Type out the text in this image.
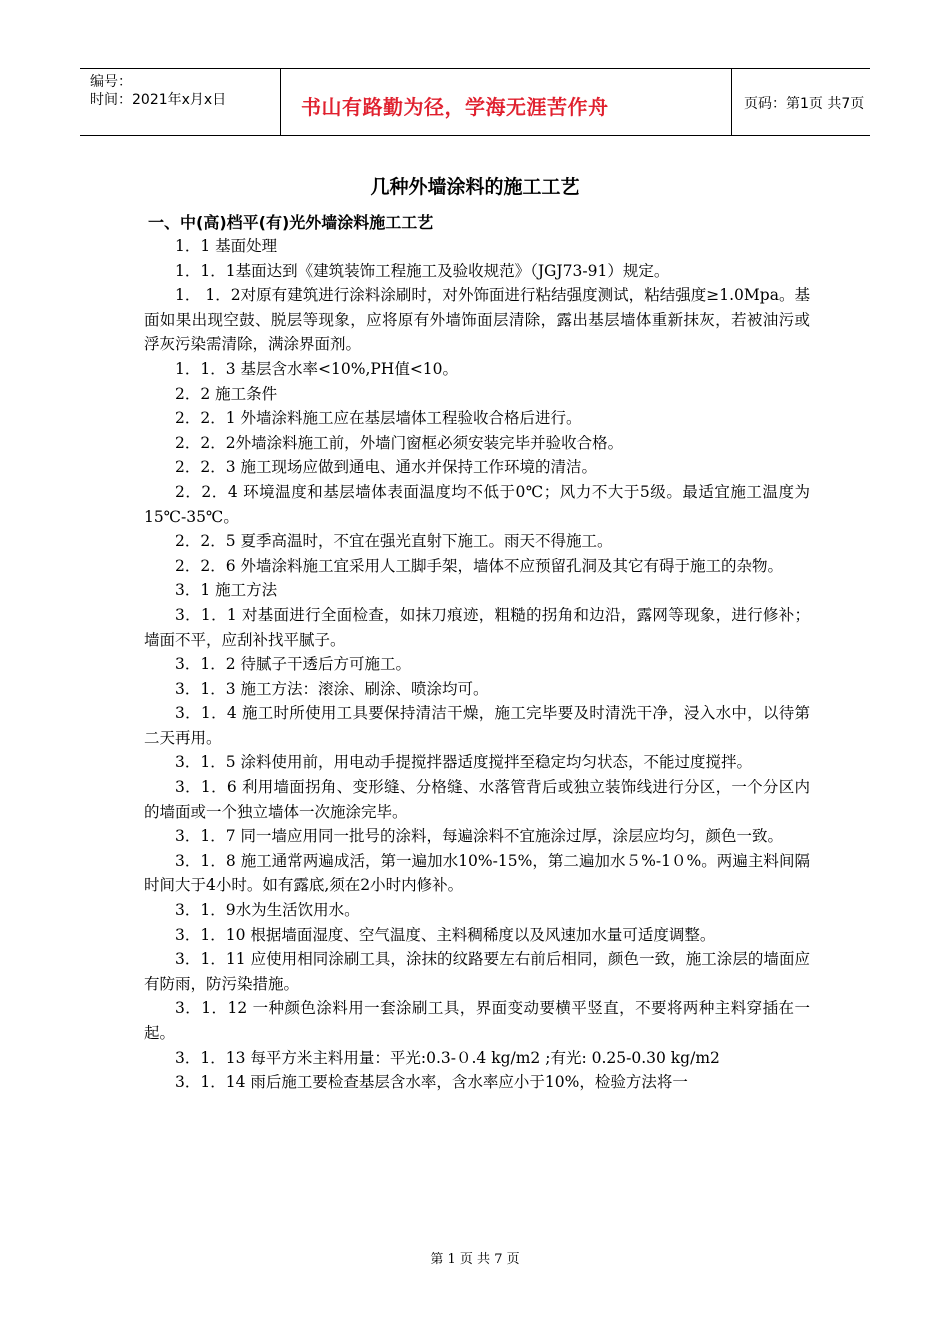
编号：
时间：2021年x月x日	书山有路勤为径，学海无涯苦作舟	页码：第1页 共7页
几种外墙涂料的施工工艺
一、中(高)档平(有)光外墙涂料施工工艺

1．1 基面处理

1．1．1基面达到《建筑装饰工程施工及验收规范》（JGJ73-91）规定。

1． 1．2对原有建筑进行涂料涂刷时，对外饰面进行粘结强度测试，粘结强度≥1.0Mpa。基面如果出现空鼓、脱层等现象，应将原有外墙饰面层清除，露出基层墙体重新抹灰，若被油污或浮灰污染需清除，满涂界面剂。

1．1．3 基层含水率<10%,PH值<10。

2．2 施工条件

2．2．1 外墙涂料施工应在基层墙体工程验收合格后进行。

2．2．2外墙涂料施工前，外墙门窗框必须安装完毕并验收合格。

2．2．3 施工现场应做到通电、通水并保持工作环境的清洁。

2．2．4 环境温度和基层墙体表面温度均不低于0℃；风力不大于5级。最适宜施工温度为15℃-35℃。

2．2．5 夏季高温时，不宜在强光直射下施工。雨天不得施工。

2．2．6 外墙涂料施工宜采用人工脚手架，墙体不应预留孔洞及其它有碍于施工的杂物。

3．1 施工方法

3．1．1 对基面进行全面检查，如抹刀痕迹，粗糙的拐角和边沿，露网等现象，进行修补；墙面不平，应刮补找平腻子。

3．1．2 待腻子干透后方可施工。

3．1．3 施工方法：滚涂、刷涂、喷涂均可。

3．1．4 施工时所使用工具要保持清洁干燥，施工完毕要及时清洗干净，浸入水中，以待第二天再用。

3．1．5 涂料使用前，用电动手提搅拌器适度搅拌至稳定均匀状态，不能过度搅拌。

3．1．6 利用墙面拐角、变形缝、分格缝、水落管背后或独立装饰线进行分区，一个分区内的墙面或一个独立墙体一次施涂完毕。

3．1．7 同一墙应用同一批号的涂料，每遍涂料不宜施涂过厚，涂层应均匀，颜色一致。

3．1．8 施工通常两遍成活，第一遍加水10%-15%，第二遍加水５%-1０%。两遍主料间隔时间大于4小时。如有露底,须在2小时内修补。

3．1．9水为生活饮用水。

3．1．10 根据墙面湿度、空气温度、主料稠稀度以及风速加水量可适度调整。

3．1．11 应使用相同涂刷工具，涂抹的纹路要左右前后相同，颜色一致，施工涂层的墙面应有防雨，防污染措施。

3．1．12 一种颜色涂料用一套涂刷工具，界面变动要横平竖直，不要将两种主料穿插在一起。

3．1．13 每平方米主料用量：平光:0.3-０.4 kg/m2 ;有光: 0.25-0.30 kg/m2

3．1．14 雨后施工要检查基层含水率，含水率应小于10%，检验方法将一

第 1 页 共 7 页
